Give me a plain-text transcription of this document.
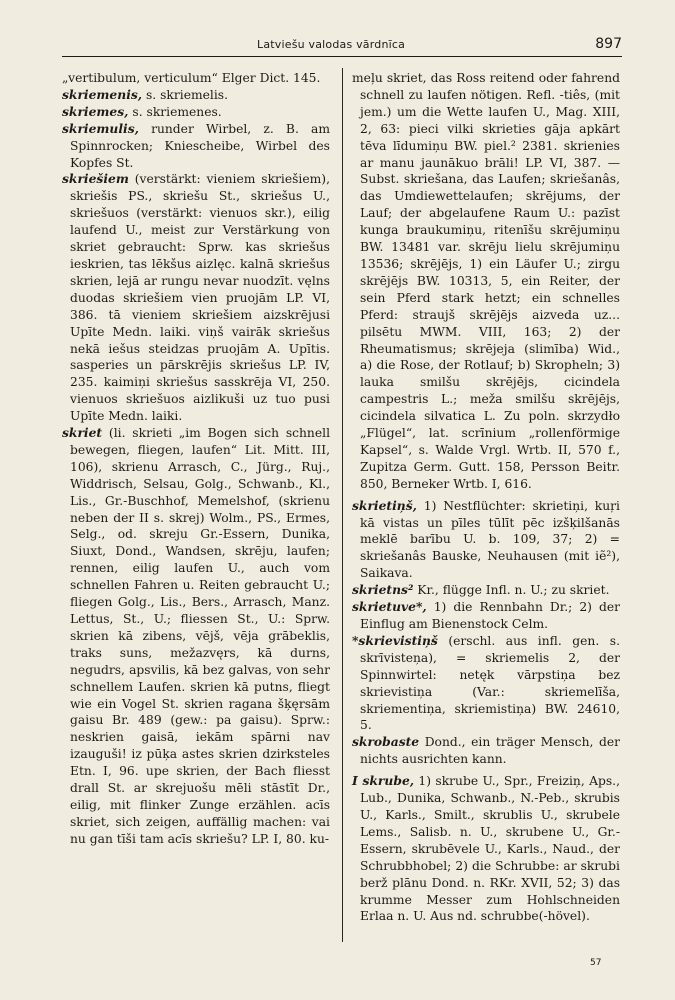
Latviešu valodas vārdnīca	897

„vertibulum, verticulum“ Elger Dict. 145.

skriemenis, s. skriemelis.

skriemes, s. skriemenes.

skriemulis, runder Wirbel, z. B. am Spinnrocken; Kniescheibe, Wirbel des Kopfes St.

skriešiem (verstärkt: vieniem skriešiem), skriešis PS., skriešu St., skriešus U., skriešuos (verstärkt: vienuos skr.), eilig laufend U., meist zur Verstärkung von skriet gebraucht: Sprw. kas skriešus ieskrien, tas lēkšus aizlęc. kalnā skriešus skrien, lejā ar rungu nevar nuodzīt. vęlns duodas skriešiem vien pruojām LP. VI, 386. tā vieniem skriešiem aizskrējusi Upīte Medn. laiki. viņš vairāk skriešus nekā iešus steidzas pruojām A. Upītis. sasperies un pārskrējis skriešus LP. IV, 235. kaimiņi skriešus sasskrēja VI, 250. vienuos skriešuos aizlikuši uz tuo pusi Upīte Medn. laiki.

skriet (li. skrieti „im Bogen sich schnell bewegen, fliegen, laufen“ Lit. Mitt. III, 106), skrienu Arrasch, C., Jürg., Ruj., Widdrisch, Selsau, Golg., Schwanb., Kl., Lis., Gr.-Buschhof, Memelshof, (skrienu neben der II s. skrej) Wolm., PS., Ermes, Selg., od. skreju Gr.-Essern, Dunika, Siuxt, Dond., Wandsen, skrēju, laufen; rennen, eilig laufen U., auch vom schnellen Fahren u. Reiten gebraucht U.; fliegen Golg., Lis., Bers., Arrasch, Manz. Lettus, St., U.; fliessen St., U.: Sprw. skrien kā zibens, vējš, vēja grābeklis, traks suns, mežazvęrs, kā durns, negudrs, apsvilis, kā bez galvas, von sehr schnellem Laufen. skrien kā putns, fliegt wie ein Vogel St. skrien ragana šķęrsām gaisu Br. 489 (gew.: pa gaisu). Sprw.: neskrien gaisā, iekām spārni nav izauguši! iz pūķa astes skrien dzirksteles Etn. I, 96. upe skrien, der Bach fliesst drall St. ar skrejuošu mēli stāstīt Dr., eilig, mit flinker Zunge erzählen. acīs skriet, sich zeigen, auffällig machen: vai nu gan tīši tam acīs skriešu? LP. I, 80. ku-

meļu skriet, das Ross reitend oder fahrend schnell zu laufen nötigen. Refl. -tiês, (mit jem.) um die Wette laufen U., Mag. XIII, 2, 63: pieci vilki skrieties gāja apkārt tēva līdumiņu BW. piel.² 2381. skrienies ar manu jaunākuo brāli! LP. VI, 387. — Subst. skriešana, das Laufen; skriešanâs, das Umdiewettelaufen; skrējums, der Lauf; der abgelaufene Raum U.: pazīst kunga braukumiņu, ritenīšu skrējumiņu BW. 13481 var. skrēju lielu skrējumiņu 13536; skrējējs, 1) ein Läufer U.; zirgu skrējējs BW. 10313, 5, ein Reiter, der sein Pferd stark hetzt; ein schnelles Pferd: straujš skrējējs aizveda uz... pilsētu MWM. VIII, 163; 2) der Rheumatismus; skrējeja (slimība) Wid., a) die Rose, der Rotlauf; b) Skropheln; 3) lauka smilšu skrējējs, cicindela campestris L.; meža smilšu skrējējs, cicindela silvatica L. Zu poln. skrzydło „Flügel“, lat. scrīnium „rollenförmige Kapsel“, s. Walde Vrgl. Wrtb. II, 570 f., Zupitza Germ. Gutt. 158, Persson Beitr. 850, Berneker Wrtb. I, 616.

skrietiņš, 1) Nestflüchter: skrietiņi, kuŗi kā vistas un pīles tūlīt pēc izšķilšanās meklē barību U. b. 109, 37; 2) = skriešanâs Bauske, Neuhausen (mit iẽ²), Saikava.

skrietns² Kr., flügge Infl. n. U.; zu skriet.

skrietuve*, 1) die Rennbahn Dr.; 2) der Einflug am Bienenstock Celm.

*skrievistiņš (erschl. aus infl. gen. s. skrīvisteņa), = skriemelis 2, der Spinnwirtel: netęk vārpstiņa bez skrievistiņa (Var.: skriemelīša, skriementiņa, skriemistiņa) BW. 24610, 5.

skrobaste Dond., ein träger Mensch, der nichts ausrichten kann.

I skrube, 1) skrube U., Spr., Freiziņ, Aps., Lub., Dunika, Schwanb., N.-Peb., skrubis U., Karls., Smilt., skrublis U., skrubele Lems., Salisb. n. U., skrubene U., Gr.-Essern, skrubēvele U., Karls., Naud., der Schrubbhobel; 2) die Schrubbe: ar skrubi berž plānu Dond. n. RKr. XVII, 52; 3) das krumme Messer zum Hohlschneiden Erlaa n. U. Aus nd. schrubbe(-hövel).

57
